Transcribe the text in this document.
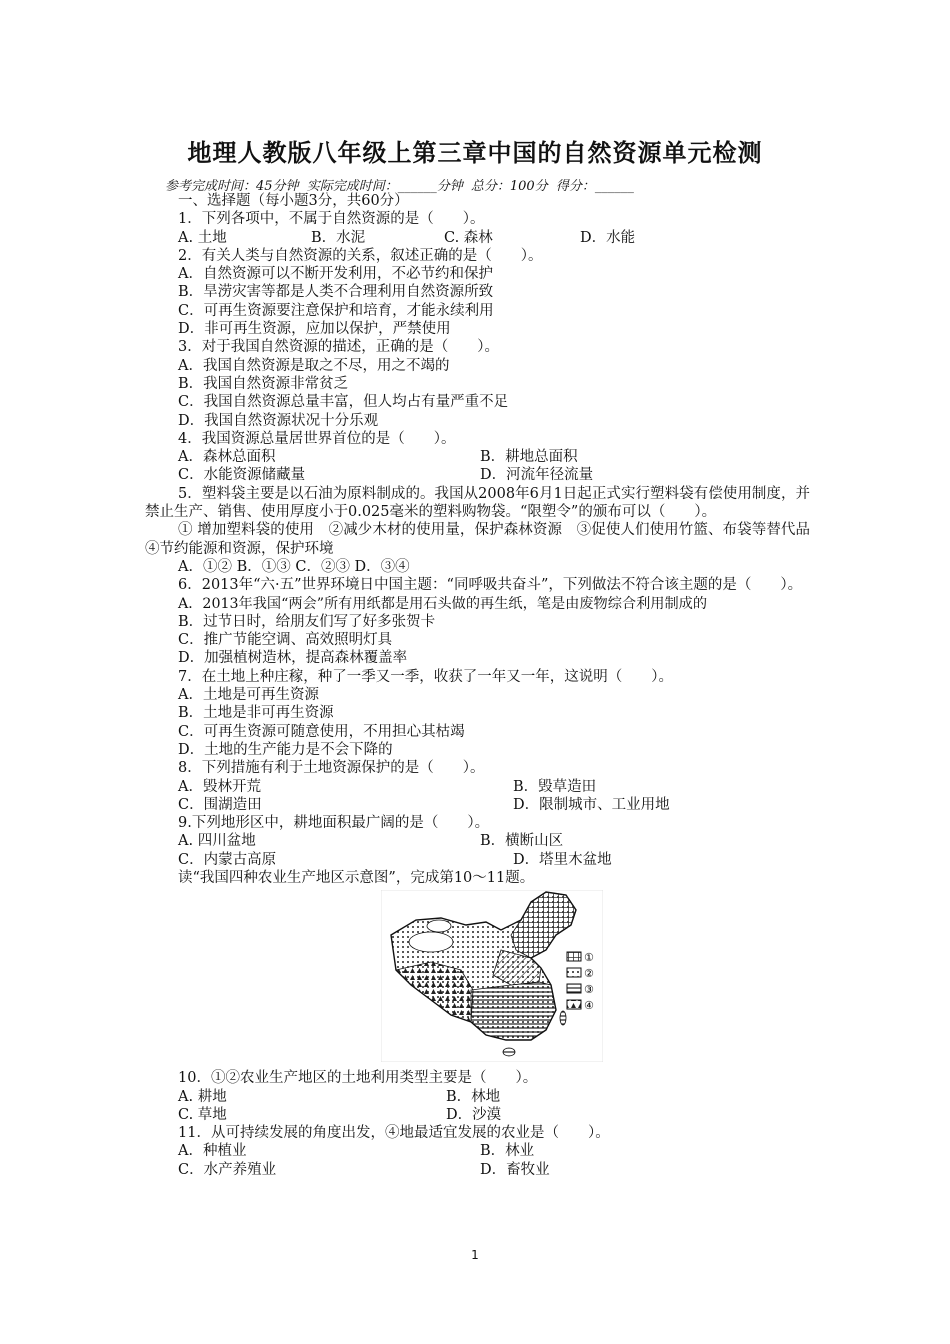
地理人教版八年级上第三章中国的自然资源单元检测
参考完成时间：45分钟 实际完成时间：______分钟 总分：100分 得分：______
一、选择题（每小题3分，共60分）
1．下列各项中，不属于自然资源的是（　　）。
A. 土地	B．水泥	C. 森林	D．水能
2．有关人类与自然资源的关系，叙述正确的是（　　）。
A．自然资源可以不断开发利用，不必节约和保护
B．旱涝灾害等都是人类不合理利用自然资源所致
C．可再生资源要注意保护和培育，才能永续利用
D．非可再生资源，应加以保护，严禁使用
3．对于我国自然资源的描述，正确的是（　　）。
A．我国自然资源是取之不尽，用之不竭的
B．我国自然资源非常贫乏
C．我国自然资源总量丰富，但人均占有量严重不足
D．我国自然资源状况十分乐观
4．我国资源总量居世界首位的是（　　）。
A．森林总面积	B．耕地总面积
C．水能资源储藏量	D．河流年径流量
5．塑料袋主要是以石油为原料制成的。我国从2008年6月1日起正式实行塑料袋有偿使用制度，并禁止生产、销售、使用厚度小于0.025毫米的塑料购物袋。“限塑令”的颁布可以（　　）。
① 增加塑料袋的使用　②减少木材的使用量，保护森林资源　③促使人们使用竹篮、布袋等替代品　④节约能源和资源，保护环境
A．①② B．①③ C．②③ D．③④
6．2013年“六·五”世界环境日中国主题：“同呼吸共奋斗”，下列做法不符合该主题的是（　　）。
A．2013年我国“两会”所有用纸都是用石头做的再生纸，笔是由废物综合利用制成的
B．过节日时，给朋友们写了好多张贺卡
C．推广节能空调、高效照明灯具
D．加强植树造林，提高森林覆盖率
7．在土地上种庄稼，种了一季又一季，收获了一年又一年，这说明（　　）。
A．土地是可再生资源
B．土地是非可再生资源
C．可再生资源可随意使用，不用担心其枯竭
D．土地的生产能力是不会下降的
8．下列措施有利于土地资源保护的是（　　）。
A．毁林开荒	B．毁草造田
C．围湖造田	D．限制城市、工业用地
9.下列地形区中，耕地面积最广阔的是（　　）。
A. 四川盆地	B．横断山区
C．内蒙古高原	D．塔里木盆地
读“我国四种农业生产地区示意图”，完成第10～11题。
①
②
③
④
10．①②农业生产地区的土地利用类型主要是（　　）。
A. 耕地	B．林地
C. 草地	D．沙漠
11．从可持续发展的角度出发，④地最适宜发展的农业是（　　）。
A．种植业	B．林业
C．水产养殖业	D．畜牧业
1
